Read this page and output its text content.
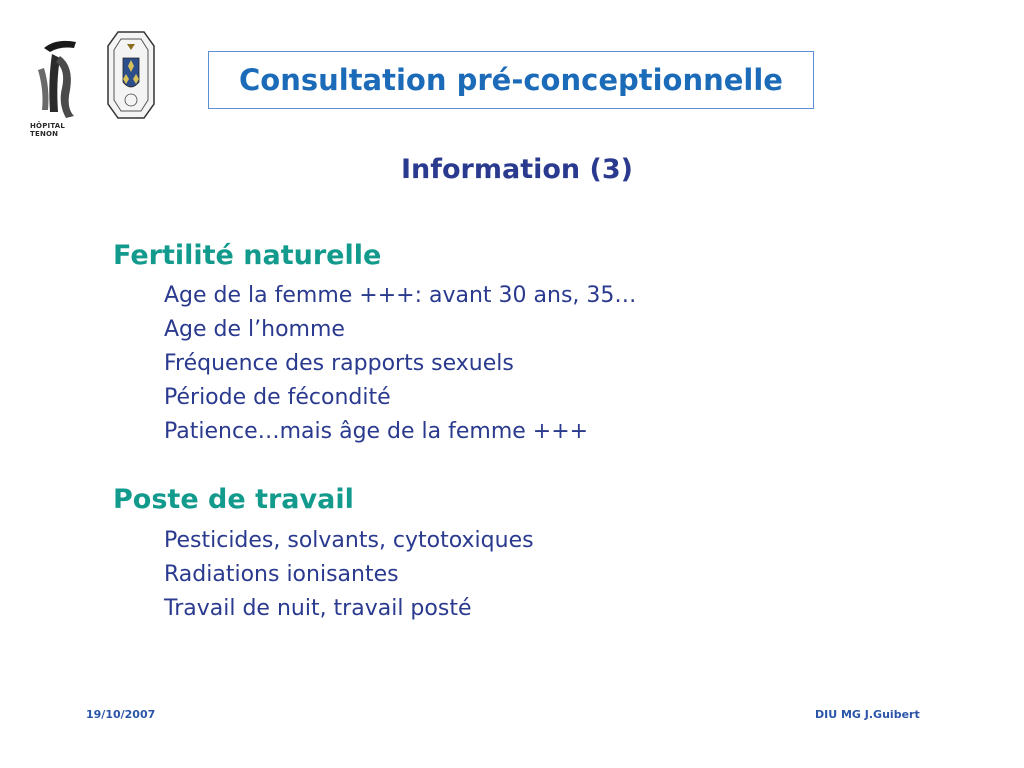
HÔPITAL TENON
Consultation pré-conceptionnelle
Information (3)
Fertilité naturelle
Age de la femme +++: avant 30 ans, 35…
Age de l’homme
Fréquence des rapports sexuels
Période de fécondité
Patience…mais âge de la femme +++
Poste de travail
Pesticides, solvants, cytotoxiques
Radiations ionisantes
Travail de nuit, travail posté
19/10/2007	DIU MG J.Guibert
